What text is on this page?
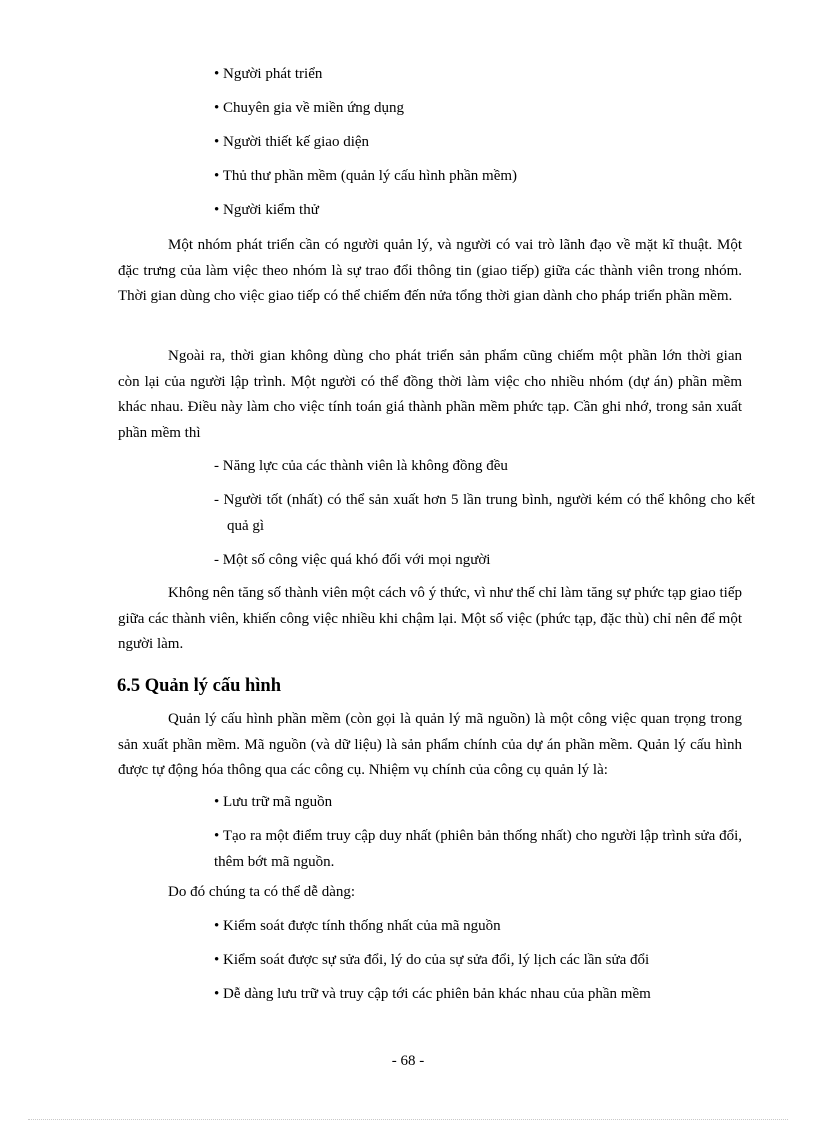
• Người phát triển
• Chuyên gia về miền ứng dụng
• Người thiết kế giao diện
• Thủ thư phần mềm (quản lý cấu hình phần mềm)
• Người kiểm thử
Một nhóm phát triển cần có người quản lý, và người có vai trò lãnh đạo về mặt kĩ thuật. Một đặc trưng của làm việc theo nhóm là sự trao đổi thông tin (giao tiếp) giữa các thành viên trong nhóm. Thời gian dùng cho việc giao tiếp có thể chiếm đến nửa tổng thời gian dành cho pháp triển phần mềm.
Ngoài ra, thời gian không dùng cho phát triển sản phẩm cũng chiếm một phần lớn thời gian còn lại của người lập trình. Một người có thể đồng thời làm việc cho nhiều nhóm (dự án) phần mềm khác nhau. Điều này làm cho việc tính toán giá thành phần mềm phức tạp. Cần ghi nhớ, trong sản xuất phần mềm thì
- Năng lực của các thành viên là không đồng đều
- Người tốt (nhất) có thể sản xuất hơn 5 lần trung bình, người kém có thể không cho kết quả gì
- Một số công việc quá khó đối với mọi người
Không nên tăng số thành viên một cách vô ý thức, vì như thế chỉ làm tăng sự phức tạp giao tiếp giữa các thành viên, khiến công việc nhiều khi chậm lại. Một số việc (phức tạp, đặc thù) chỉ nên để một người làm.
6.5 Quản lý cấu hình
Quản lý cấu hình phần mềm (còn gọi là quản lý mã nguồn) là một công việc quan trọng trong sản xuất phần mềm. Mã nguồn (và dữ liệu) là sản phẩm chính của dự án phần mềm. Quản lý cấu hình được tự động hóa thông qua các công cụ. Nhiệm vụ chính của công cụ quản lý là:
• Lưu trữ mã nguồn
• Tạo ra một điểm truy cập duy nhất (phiên bản thống nhất) cho người lập trình sửa đổi, thêm bớt mã nguồn.
Do đó chúng ta có thể dễ dàng:
• Kiểm soát được tính thống nhất của mã nguồn
• Kiểm soát được sự sửa đổi, lý do của sự sửa đổi, lý lịch các lần sửa đổi
• Dễ dàng lưu trữ và truy cập tới các phiên bản khác nhau của phần mềm
- 68 -
